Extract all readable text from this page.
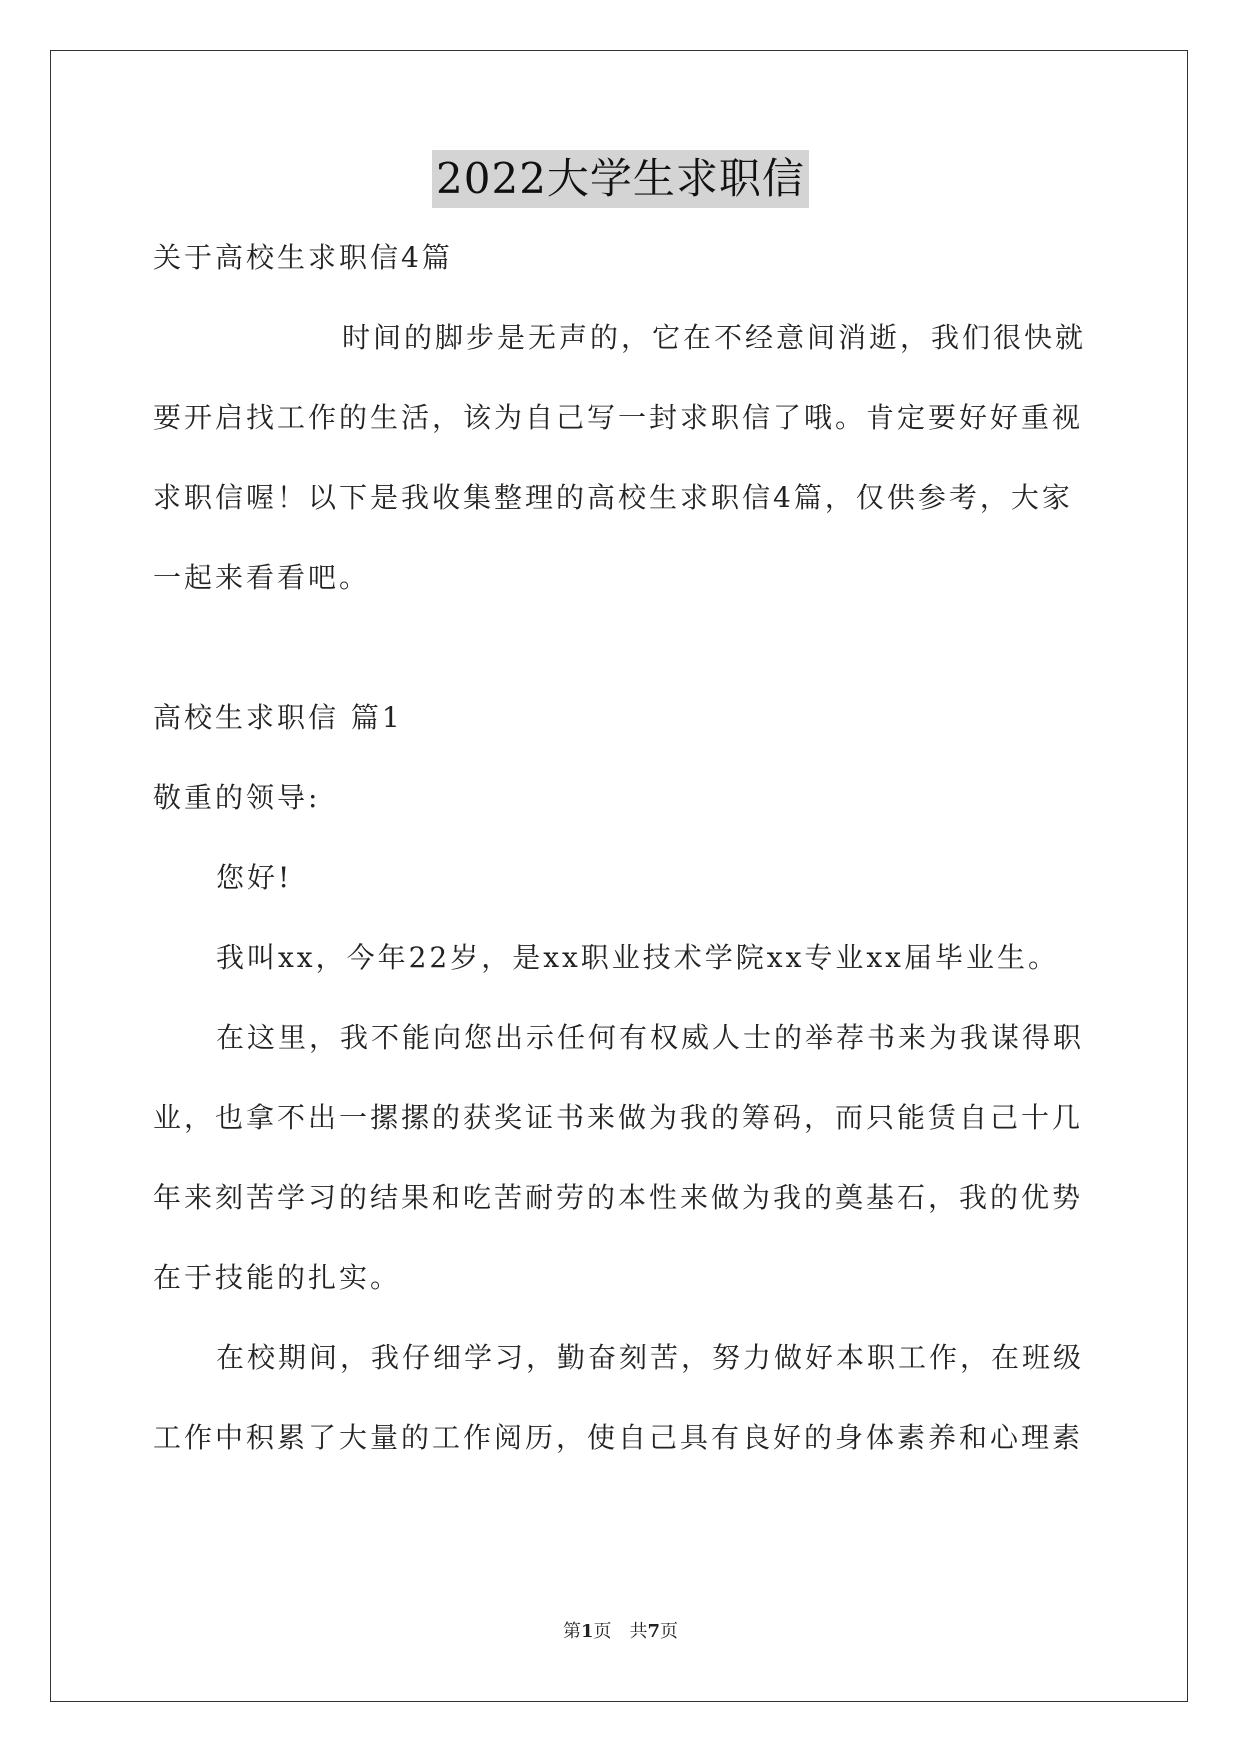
2022大学生求职信
关于高校生求职信4篇
时间的脚步是无声的，它在不经意间消逝，我们很快就
要开启找工作的生活，该为自己写一封求职信了哦。肯定要好好重视
求职信喔！以下是我收集整理的高校生求职信4篇，仅供参考，大家
一起来看看吧。
高校生求职信 篇1
敬重的领导:
您好!
我叫xx，今年22岁，是xx职业技术学院xx专业xx届毕业生。
在这里，我不能向您出示任何有权威人士的举荐书来为我谋得职
业，也拿不出一摞摞的获奖证书来做为我的筹码，而只能赁自己十几
年来刻苦学习的结果和吃苦耐劳的本性来做为我的奠基石，我的优势
在于技能的扎实。
在校期间，我仔细学习，勤奋刻苦，努力做好本职工作，在班级
工作中积累了大量的工作阅历，使自己具有良好的身体素养和心理素
第1页 共7页
